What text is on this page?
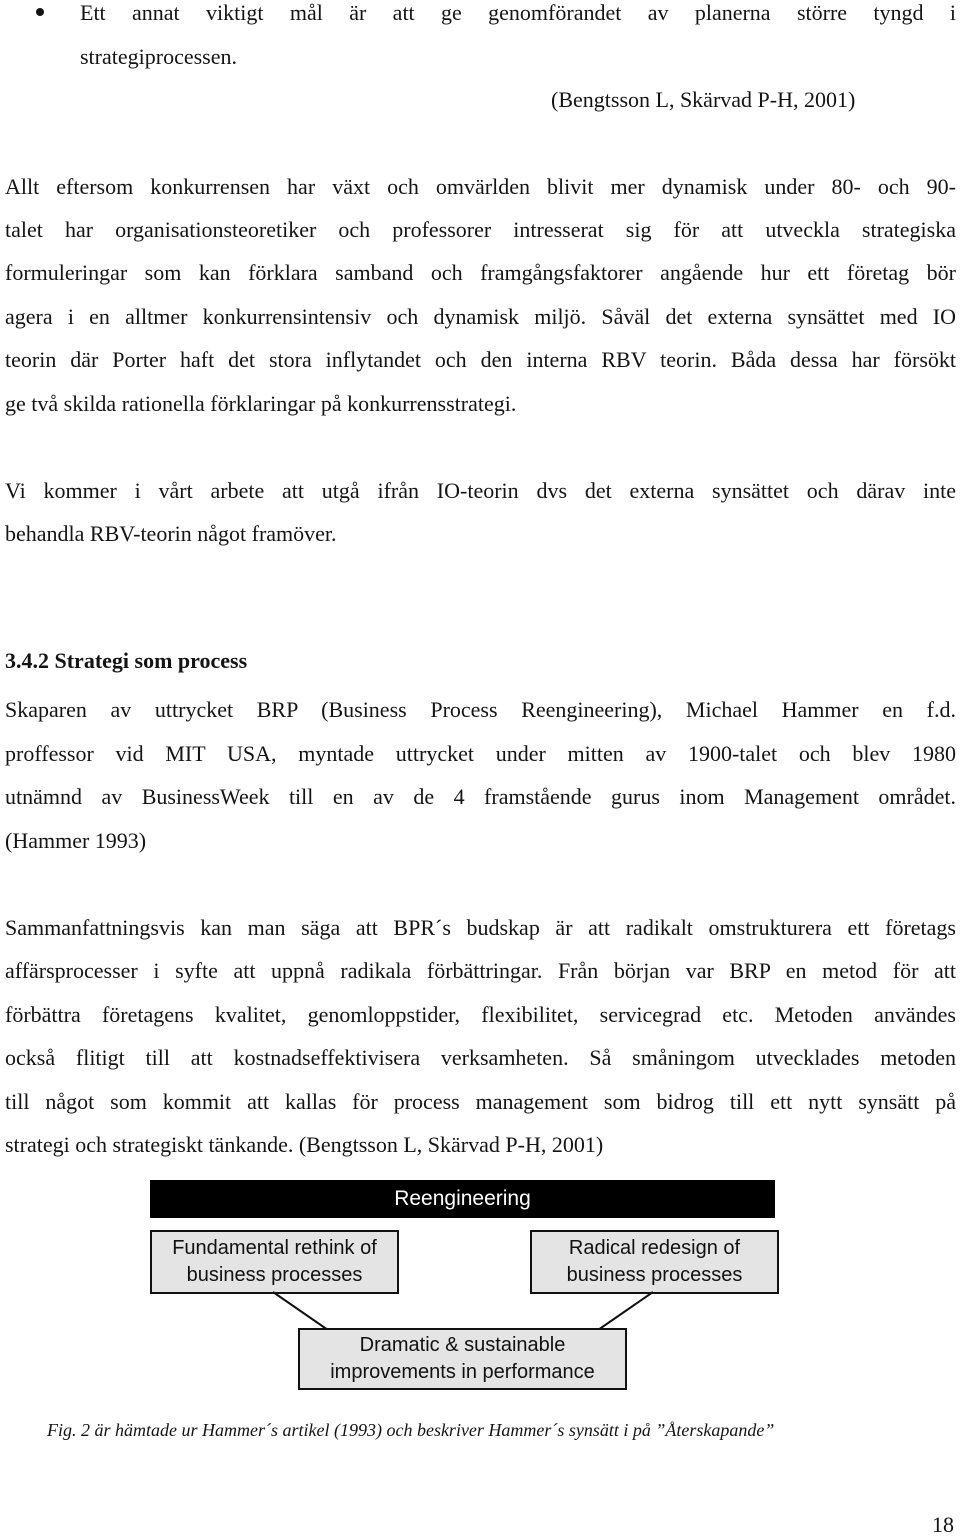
Ett annat viktigt mål är att ge genomförandet av planerna större tyngd i
strategiprocessen.
(Bengtsson L, Skärvad P-H, 2001)
Allt eftersom konkurrensen har växt och omvärlden blivit mer dynamisk under 80- och 90-
talet har organisationsteoretiker och professorer intresserat sig för att utveckla strategiska
formuleringar som kan förklara samband och framgångsfaktorer angående hur ett företag bör
agera i en alltmer konkurrensintensiv och dynamisk miljö. Såväl det externa synsättet med IO
teorin där Porter haft det stora inflytandet och den interna RBV teorin. Båda dessa har försökt
ge två skilda rationella förklaringar på konkurrensstrategi.
Vi kommer i vårt arbete att utgå ifrån IO-teorin dvs det externa synsättet och därav inte
behandla RBV-teorin något framöver.
3.4.2 Strategi som process
Skaparen av uttrycket BRP (Business Process Reengineering), Michael Hammer en f.d.
proffessor vid MIT USA, myntade uttrycket under mitten av 1900-talet och blev 1980
utnämnd av BusinessWeek till en av de 4 framstående gurus inom Management området.
(Hammer 1993)
Sammanfattningsvis kan man säga att BPR´s budskap är att radikalt omstrukturera ett företags
affärsprocesser i syfte att uppnå radikala förbättringar. Från början var BRP en metod för att
förbättra företagens kvalitet, genomloppstider, flexibilitet, servicegrad etc. Metoden användes
också flitigt till att kostnadseffektivisera verksamheten. Så småningom utvecklades metoden
till något som kommit att kallas för process management som bidrog till ett nytt synsätt på
strategi och strategiskt tänkande. (Bengtsson L, Skärvad P-H, 2001)
Reengineering
Fundamental rethink of
business processes
Radical redesign of
business processes
Dramatic & sustainable
improvements in performance
Fig. 2 är hämtade ur Hammer´s artikel (1993) och beskriver Hammer´s synsätt i på ”Återskapande”
18
